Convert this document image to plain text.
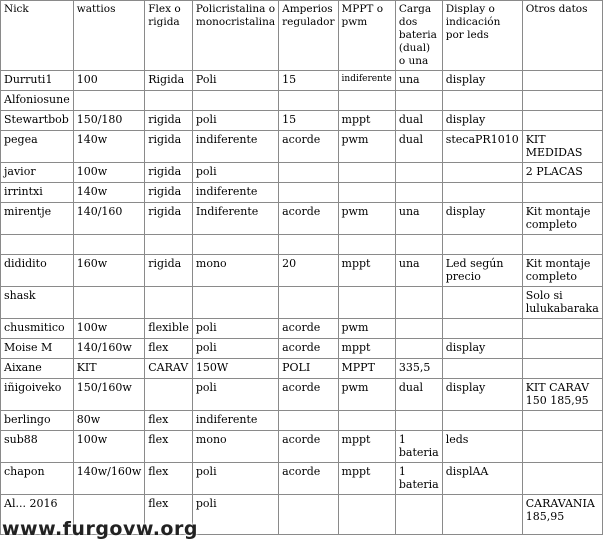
Nick	wattios	Flex o rigida	Policristalina o monocristalina	Amperios regulador	MPPT o pwm	Carga dos bateria (dual) o una	Display o indicación por leds	Otros datos
Durruti1	100	Rigida	Poli	15	indiferente	una	display	
Alfoniosune								
Stewartbob	150/180	rigida	poli	15	mppt	dual	display	
pegea	140w	rigida	indiferente	acorde	pwm	dual	stecaPR1010	KIT MEDIDAS
javior	100w	rigida	poli					2 PLACAS
irrintxi	140w	rigida	indiferente					
mirentje	140/160	rigida	Indiferente	acorde	pwm	una	display	Kit montaje completo

didi​dito	160w	rigida	mono	20	mppt	una	Led según precio	Kit montaje completo
shask								Solo si lulukabaraka
chusmitico	100w	flexible	poli	acorde	pwm			
Moise M	140/160w	flex	poli	acorde	mppt		display	
Aixane	KIT	CARAV	150W	POLI	MPPT	335,5		
iñigoiveko	150/160w		poli	acorde	pwm	dual	display	KIT CARAV 150 185,95
berlingo	80w	flex	indiferente					
sub88	100w	flex	mono	acorde	mppt	1 bateria	leds	
chapon	140w/160w	flex	poli	acorde	mppt	1 bateria	displAA	
Al... 2016		flex	poli					CARAVANIA 185,95
www.furgovw.org
